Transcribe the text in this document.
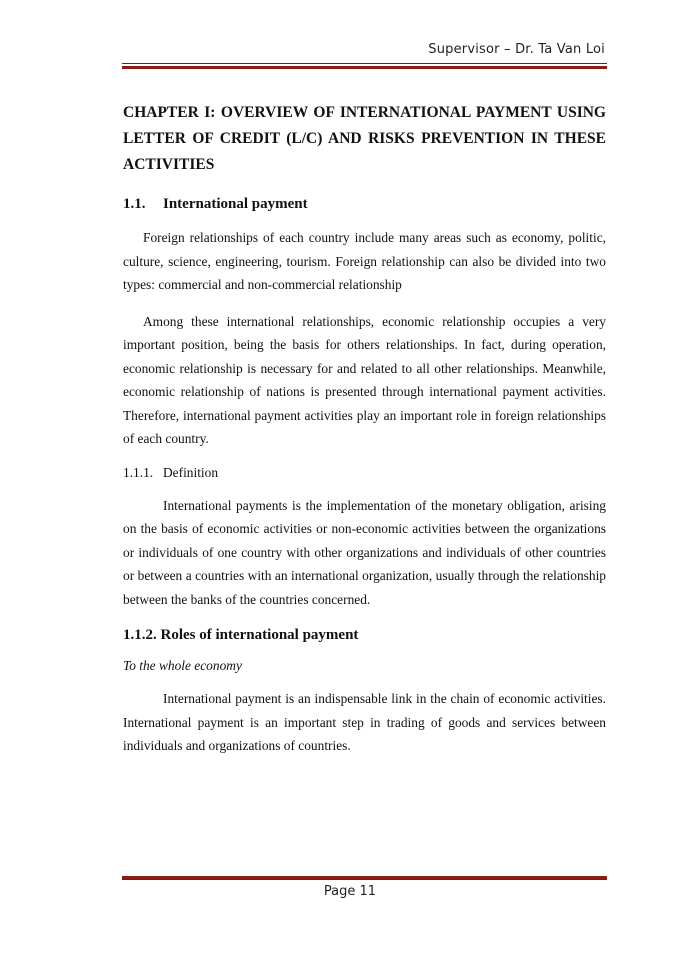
Supervisor – Dr. Ta Van Loi

CHAPTER I: OVERVIEW OF INTERNATIONAL PAYMENT USING LETTER OF CREDIT (L/C) AND RISKS PREVENTION IN THESE ACTIVITIES

1.1. International payment

Foreign relationships of each country include many areas such as economy, politic, culture, science, engineering, tourism. Foreign relationship can also be divided into two types: commercial and non-commercial relationship

Among these international relationships, economic relationship occupies a very important position, being the basis for others relationships. In fact, during operation, economic relationship is necessary for and related to all other relationships. Meanwhile, economic relationship of nations is presented through international payment activities. Therefore, international payment activities play an important role in foreign relationships of each country.

1.1.1. Definition

International payments is the implementation of the monetary obligation, arising on the basis of economic activities or non-economic activities between the organizations or individuals of one country with other organizations and individuals of other countries or between a countries with an international organization, usually through the relationship between the banks of the countries concerned.

1.1.2. Roles of international payment
To the whole economy

International payment is an indispensable link in the chain of economic activities. International payment is an important step in trading of goods and services between individuals and organizations of countries.

Page 11
